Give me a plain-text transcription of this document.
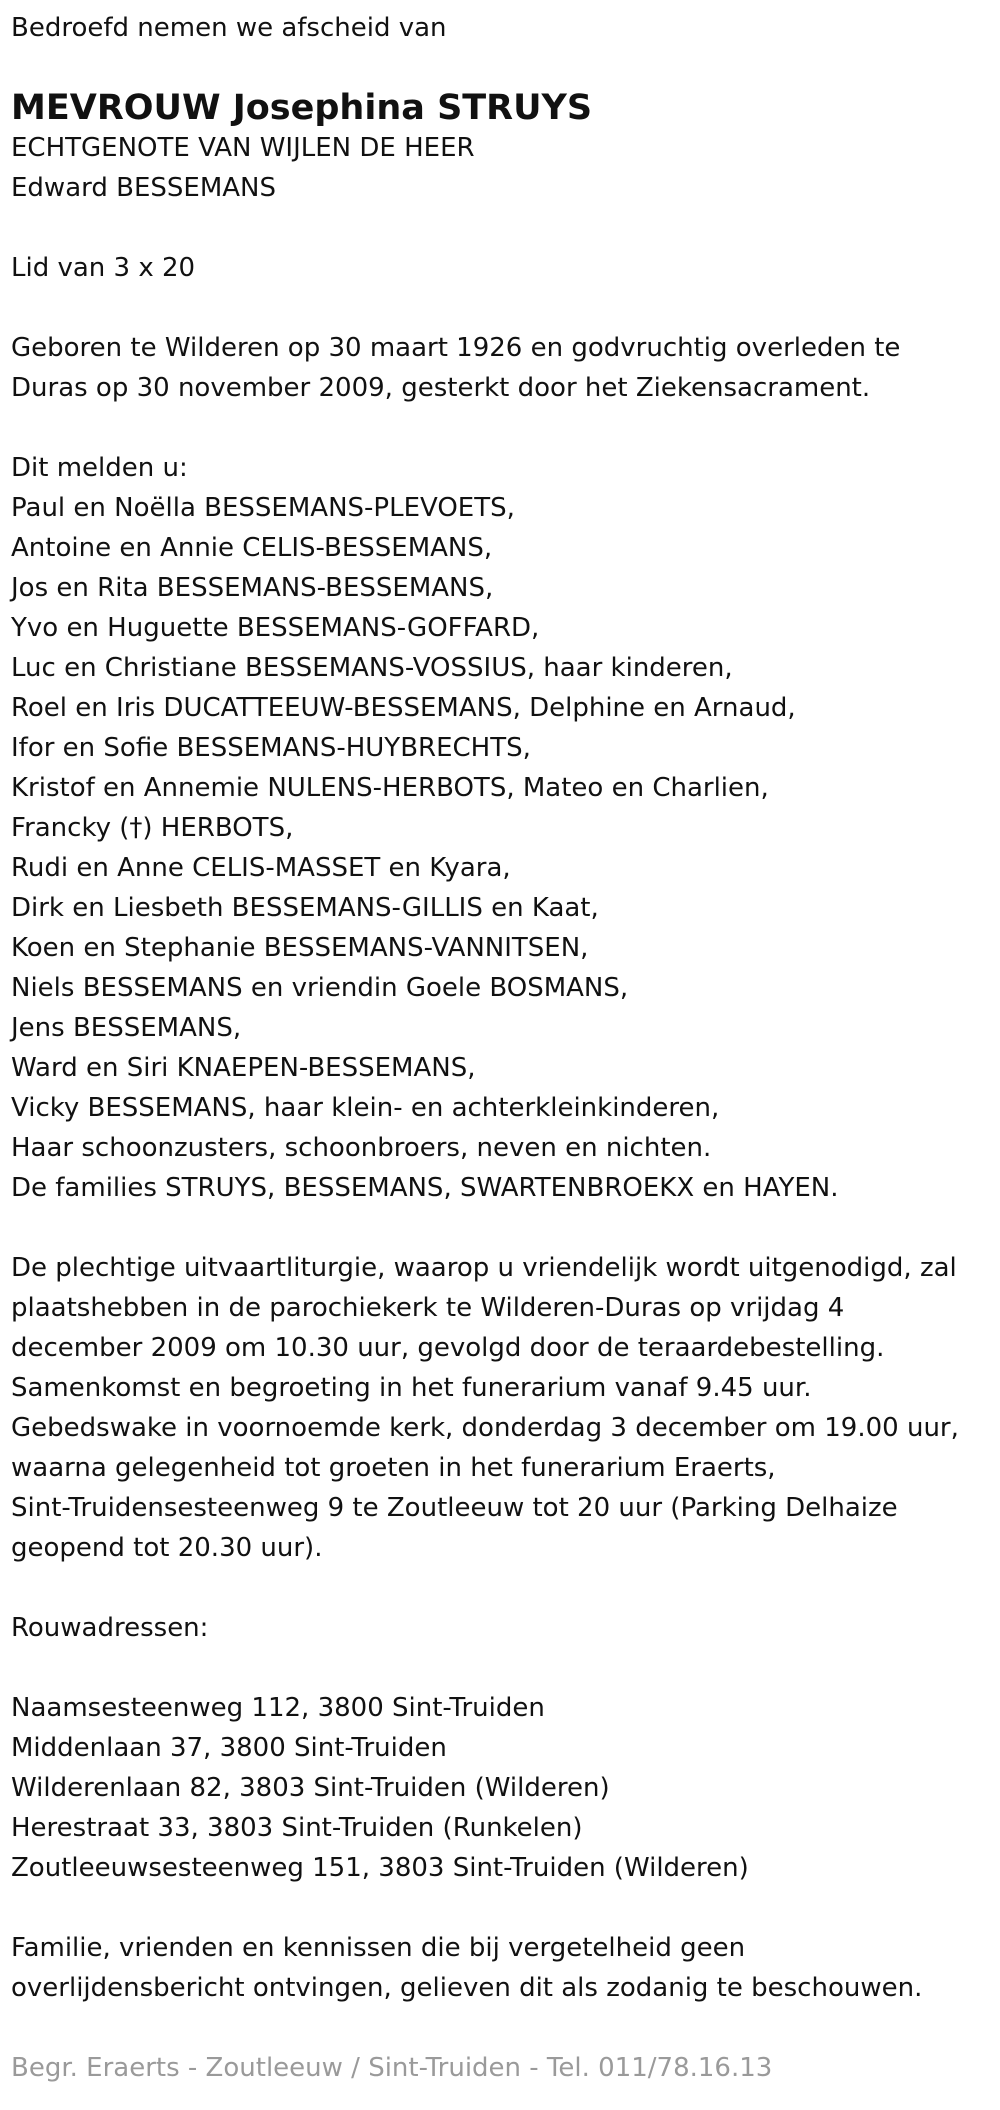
Bedroefd nemen we afscheid van

MEVROUW Josephina STRUYS

ECHTGENOTE VAN WIJLEN DE HEER

Edward BESSEMANS

Lid van 3 x 20

Geboren te Wilderen op 30 maart 1926 en godvruchtig overleden te

Duras op 30 november 2009, gesterkt door het Ziekensacrament.

Dit melden u:

Paul en Noëlla BESSEMANS-PLEVOETS,

Antoine en Annie CELIS-BESSEMANS,

Jos en Rita BESSEMANS-BESSEMANS,

Yvo en Huguette BESSEMANS-GOFFARD,

Luc en Christiane BESSEMANS-VOSSIUS, haar kinderen,

Roel en Iris DUCATTEEUW-BESSEMANS, Delphine en Arnaud,

Ifor en Sofie BESSEMANS-HUYBRECHTS,

Kristof en Annemie NULENS-HERBOTS, Mateo en Charlien,

Francky (†) HERBOTS,

Rudi en Anne CELIS-MASSET en Kyara,

Dirk en Liesbeth BESSEMANS-GILLIS en Kaat,

Koen en Stephanie BESSEMANS-VANNITSEN,

Niels BESSEMANS en vriendin Goele BOSMANS,

Jens BESSEMANS,

Ward en Siri KNAEPEN-BESSEMANS,

Vicky BESSEMANS, haar klein- en achterkleinkinderen,

Haar schoonzusters, schoonbroers, neven en nichten.

De families STRUYS, BESSEMANS, SWARTENBROEKX en HAYEN.

De plechtige uitvaartliturgie, waarop u vriendelijk wordt uitgenodigd, zal

plaatshebben in de parochiekerk te Wilderen-Duras op vrijdag 4

december 2009 om 10.30 uur, gevolgd door de teraardebestelling.

Samenkomst en begroeting in het funerarium vanaf 9.45 uur.

Gebedswake in voornoemde kerk, donderdag 3 december om 19.00 uur,

waarna gelegenheid tot groeten in het funerarium Eraerts,

Sint-Truidensesteenweg 9 te Zoutleeuw tot 20 uur (Parking Delhaize

geopend tot 20.30 uur).

Rouwadressen:

Naamsesteenweg 112, 3800 Sint-Truiden

Middenlaan 37, 3800 Sint-Truiden

Wilderenlaan 82, 3803 Sint-Truiden (Wilderen)

Herestraat 33, 3803 Sint-Truiden (Runkelen)

Zoutleeuwsesteenweg 151, 3803 Sint-Truiden (Wilderen)

Familie, vrienden en kennissen die bij vergetelheid geen

overlijdensbericht ontvingen, gelieven dit als zodanig te beschouwen.

Begr. Eraerts - Zoutleeuw / Sint-Truiden - Tel. 011/78.16.13
